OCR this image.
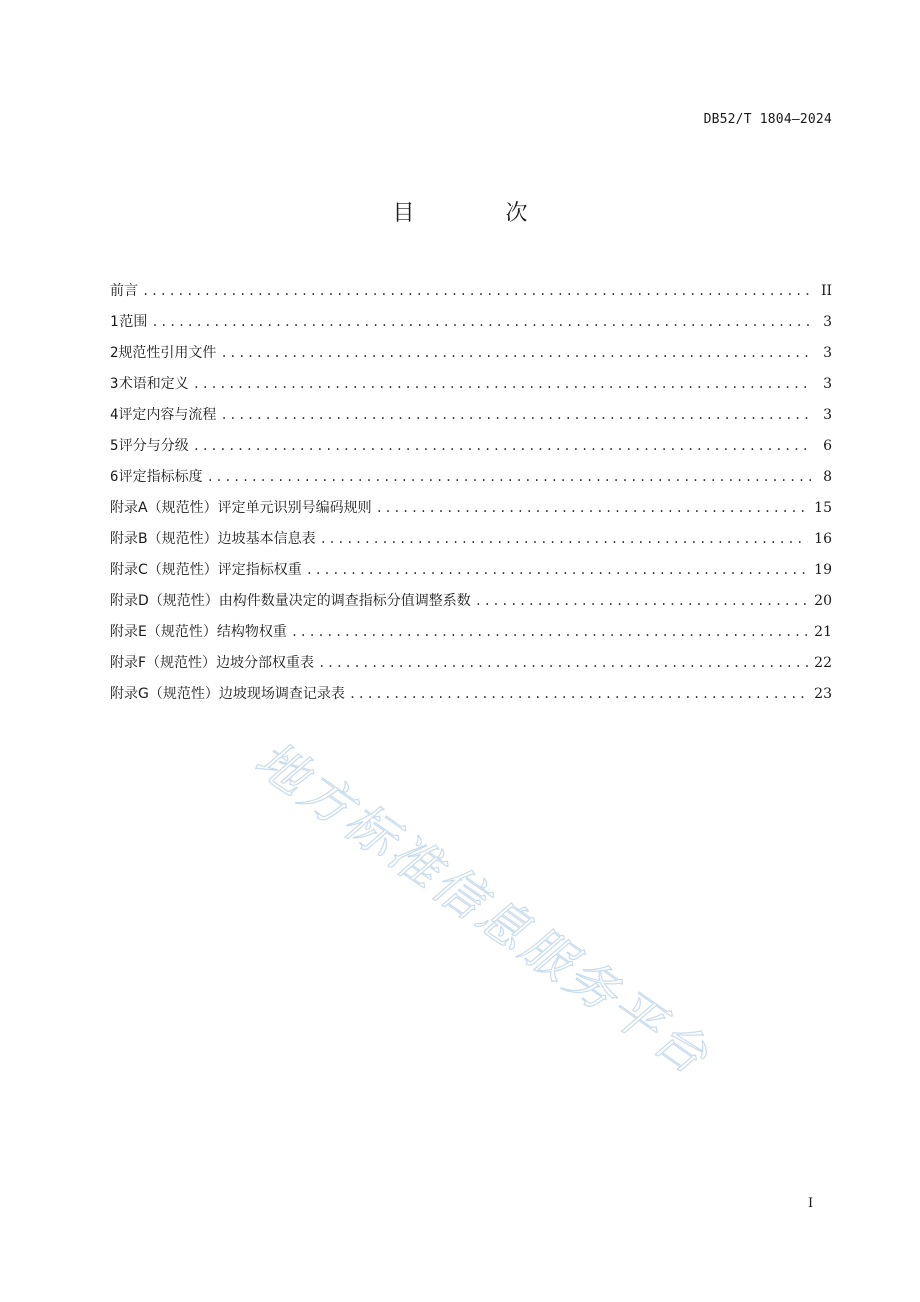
DB52/T 1804—2024
目 次
前言 .....	II
1 范围 .....	3
2 规范性引用文件 .....	3
3 术语和定义 .....	3
4 评定内容与流程 .....	3
5 评分与分级 .....	6
6 评定指标标度 .....	8
附录A（规范性） 评定单元识别号编码规则 .....	15
附录B（规范性） 边坡基本信息表 .....	16
附录C（规范性） 评定指标权重 .....	19
附录D（规范性） 由构件数量决定的调查指标分值调整系数 .....	20
附录E（规范性） 结构物权重 .....	21
附录F（规范性） 边坡分部权重表 .....	22
附录G（规范性） 边坡现场调查记录表 .....	23
地方标准信息服务平台
I
